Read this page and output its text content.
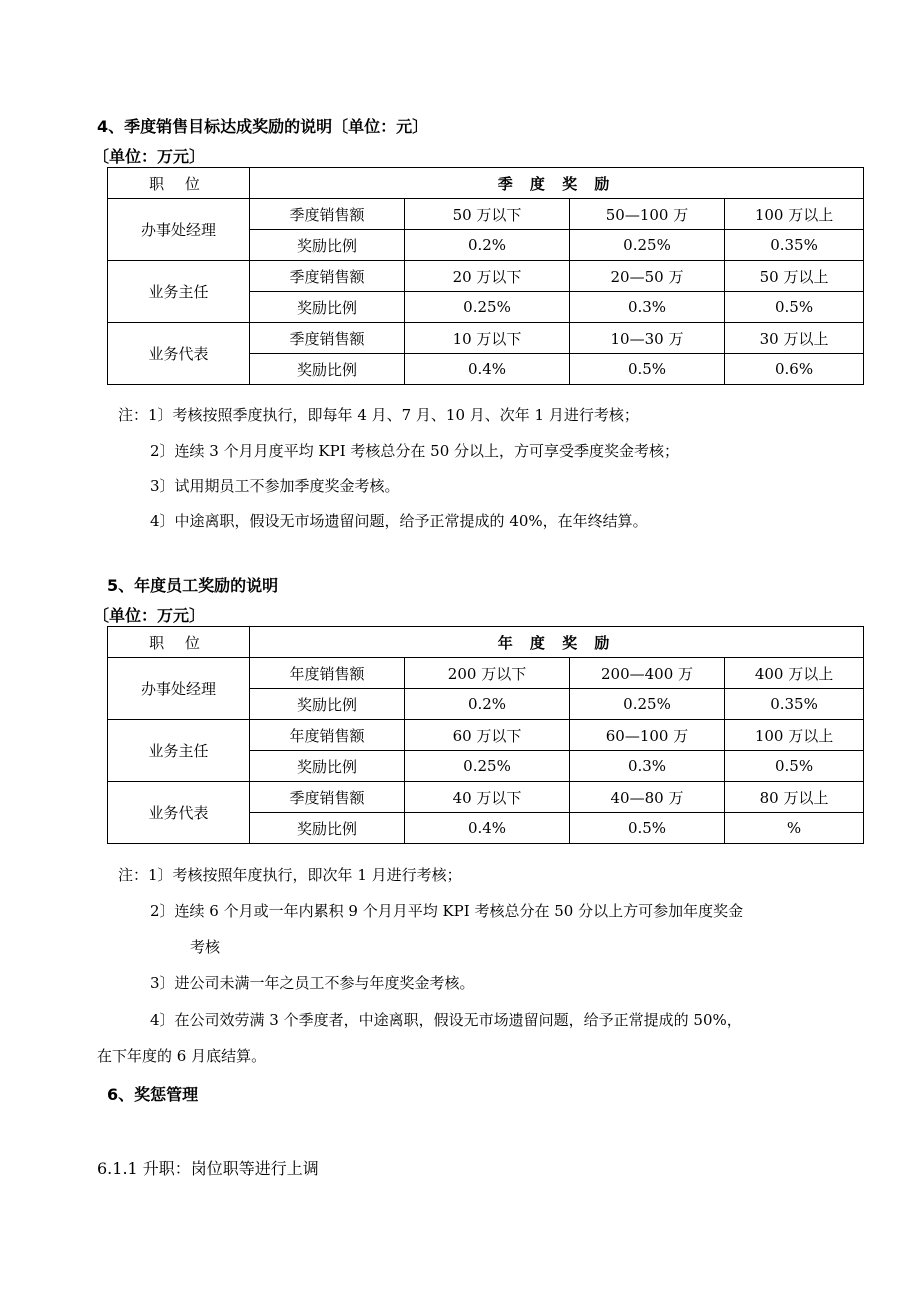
4、季度销售目标达成奖励的说明〔单位：元〕
〔单位：万元〕
职 位	季 度 奖 励			
办事处经理	季度销售额	50 万以下	50—100 万	100 万以上
	奖励比例	0.2%	0.25%	0.35%
业务主任	季度销售额	20 万以下	20—50 万	50 万以上
	奖励比例	0.25%	0.3%	0.5%
业务代表	季度销售额	10 万以下	10—30 万	30 万以上
	奖励比例	0.4%	0.5%	0.6%
注：1〕考核按照季度执行，即每年 4 月、7 月、10 月、次年 1 月进行考核；
2〕连续 3 个月月度平均 KPI 考核总分在 50 分以上，方可享受季度奖金考核；
3〕试用期员工不参加季度奖金考核。
4〕中途离职，假设无市场遗留问题，给予正常提成的 40%，在年终结算。
5、年度员工奖励的说明
〔单位：万元〕
职 位	年 度 奖 励			
办事处经理	年度销售额	200 万以下	200—400 万	400 万以上
	奖励比例	0.2%	0.25%	0.35%
业务主任	年度销售额	60 万以下	60—100 万	100 万以上
	奖励比例	0.25%	0.3%	0.5%
业务代表	季度销售额	40 万以下	40—80 万	80 万以上
	奖励比例	0.4%	0.5%	%
注：1〕考核按照年度执行，即次年 1 月进行考核；
2〕连续 6 个月或一年内累积 9 个月月平均 KPI 考核总分在 50 分以上方可参加年度奖金
考核
3〕进公司未满一年之员工不参与年度奖金考核。
4〕在公司效劳满 3 个季度者，中途离职，假设无市场遗留问题，给予正常提成的 50%，
在下年度的 6 月底结算。
6、奖惩管理
6.1.1 升职：岗位职等进行上调
